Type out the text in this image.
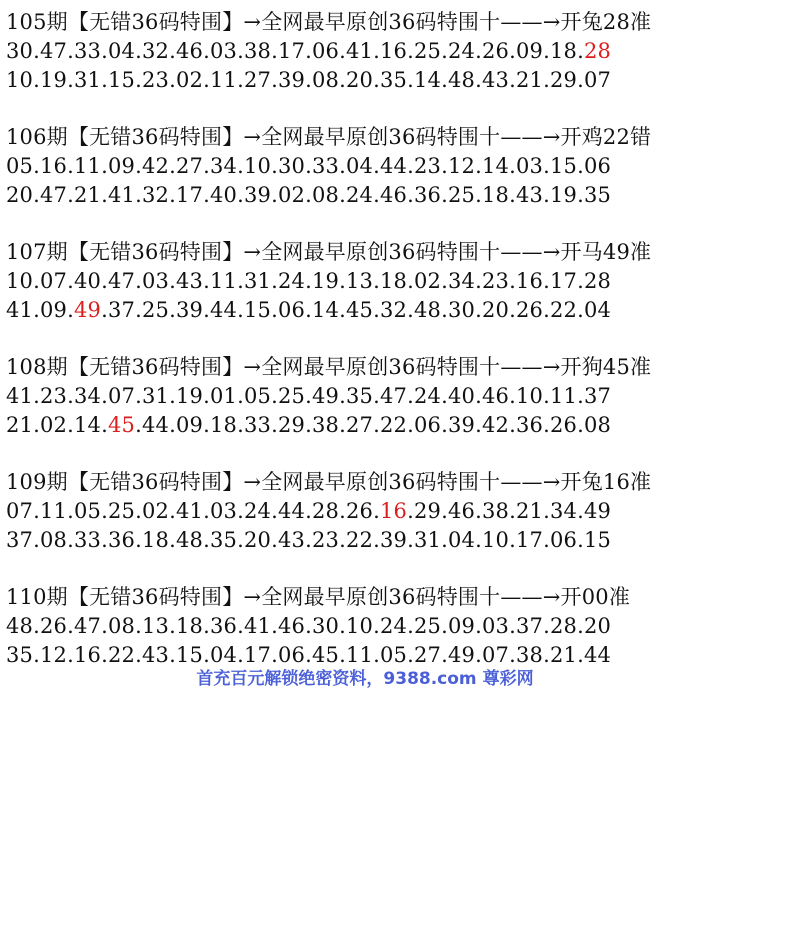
105期【无错36码特围】→全网最早原创36码特围十——→开兔28准
30.47.33.04.32.46.03.38.17.06.41.16.25.24.26.09.18.28
10.19.31.15.23.02.11.27.39.08.20.35.14.48.43.21.29.07
106期【无错36码特围】→全网最早原创36码特围十——→开鸡22错
05.16.11.09.42.27.34.10.30.33.04.44.23.12.14.03.15.06
20.47.21.41.32.17.40.39.02.08.24.46.36.25.18.43.19.35
107期【无错36码特围】→全网最早原创36码特围十——→开马49准
10.07.40.47.03.43.11.31.24.19.13.18.02.34.23.16.17.28
41.09.49.37.25.39.44.15.06.14.45.32.48.30.20.26.22.04
108期【无错36码特围】→全网最早原创36码特围十——→开狗45准
41.23.34.07.31.19.01.05.25.49.35.47.24.40.46.10.11.37
21.02.14.45.44.09.18.33.29.38.27.22.06.39.42.36.26.08
109期【无错36码特围】→全网最早原创36码特围十——→开兔16准
07.11.05.25.02.41.03.24.44.28.26.16.29.46.38.21.34.49
37.08.33.36.18.48.35.20.43.23.22.39.31.04.10.17.06.15
110期【无错36码特围】→全网最早原创36码特围十——→开00准
48.26.47.08.13.18.36.41.46.30.10.24.25.09.03.37.28.20
35.12.16.22.43.15.04.17.06.45.11.05.27.49.07.38.21.44
首充百元解锁绝密资料，9388.com 尊彩网
